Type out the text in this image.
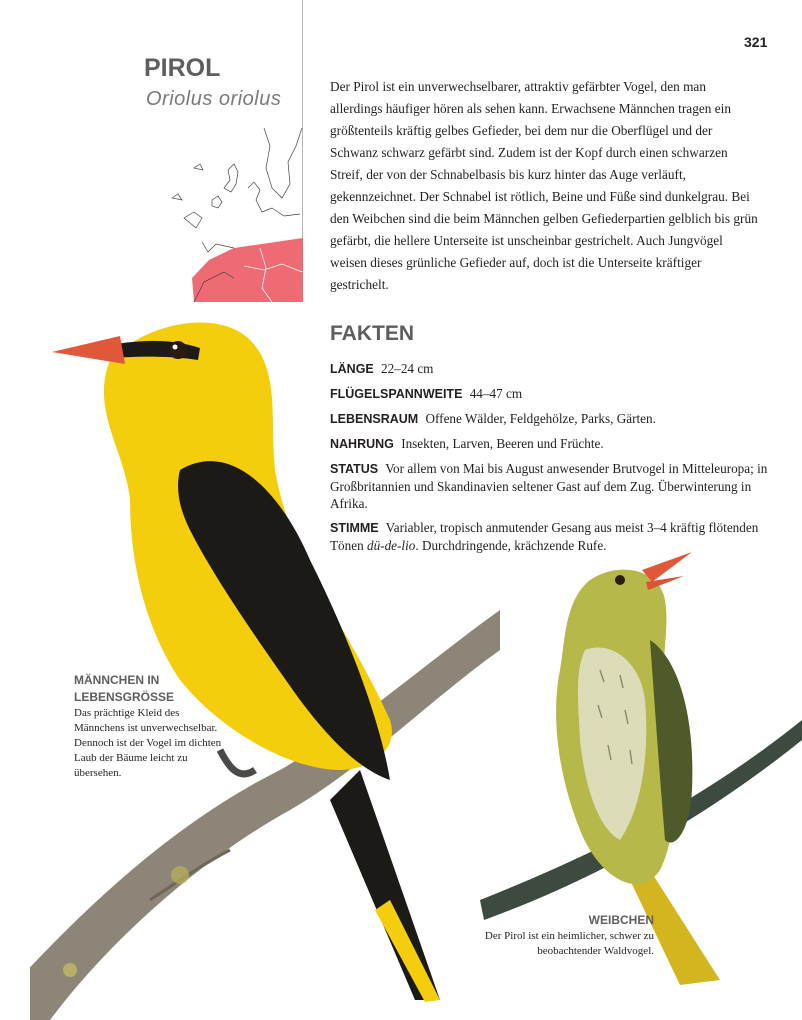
321
PIROL
Oriolus oriolus
Der Pirol ist ein unverwechselbarer, attraktiv gefärbter Vogel, den man allerdings häufiger hören als sehen kann. Erwachsene Männchen tragen ein größtenteils kräftig gelbes Gefieder, bei dem nur die Oberflügel und der Schwanz schwarz gefärbt sind. Zudem ist der Kopf durch einen schwarzen Streif, der von der Schnabelbasis bis kurz hinter das Auge verläuft, gekennzeichnet. Der Schnabel ist rötlich, Beine und Füße sind dunkelgrau. Bei den Weibchen sind die beim Männchen gelben Gefiederpartien gelblich bis grün gefärbt, die hellere Unterseite ist unscheinbar gestrichelt. Auch Jungvögel weisen dieses grünliche Gefieder auf, doch ist die Unterseite kräftiger gestrichelt.
FAKTEN
LÄNGE 22–24 cm
FLÜGELSPANNWEITE 44–47 cm
LEBENSRAUM Offene Wälder, Feldgehölze, Parks, Gärten.
NAHRUNG Insekten, Larven, Beeren und Früchte.
STATUS Vor allem von Mai bis August anwesender Brutvogel in Mitteleuropa; in Großbritannien und Skandinavien seltener Gast auf dem Zug. Überwinterung in Afrika.
STIMME Variabler, tropisch anmutender Gesang aus meist 3–4 kräftig flötenden Tönen dü-de-lio. Durchdringende, krächzende Rufe.
MÄNNCHEN IN LEBENSGRÖSSE
Das prächtige Kleid des Männchens ist unverwechselbar. Dennoch ist der Vogel im dichten Laub der Bäume leicht zu übersehen.
WEIBCHEN
Der Pirol ist ein heimlicher, schwer zu beobachtender Waldvogel.
